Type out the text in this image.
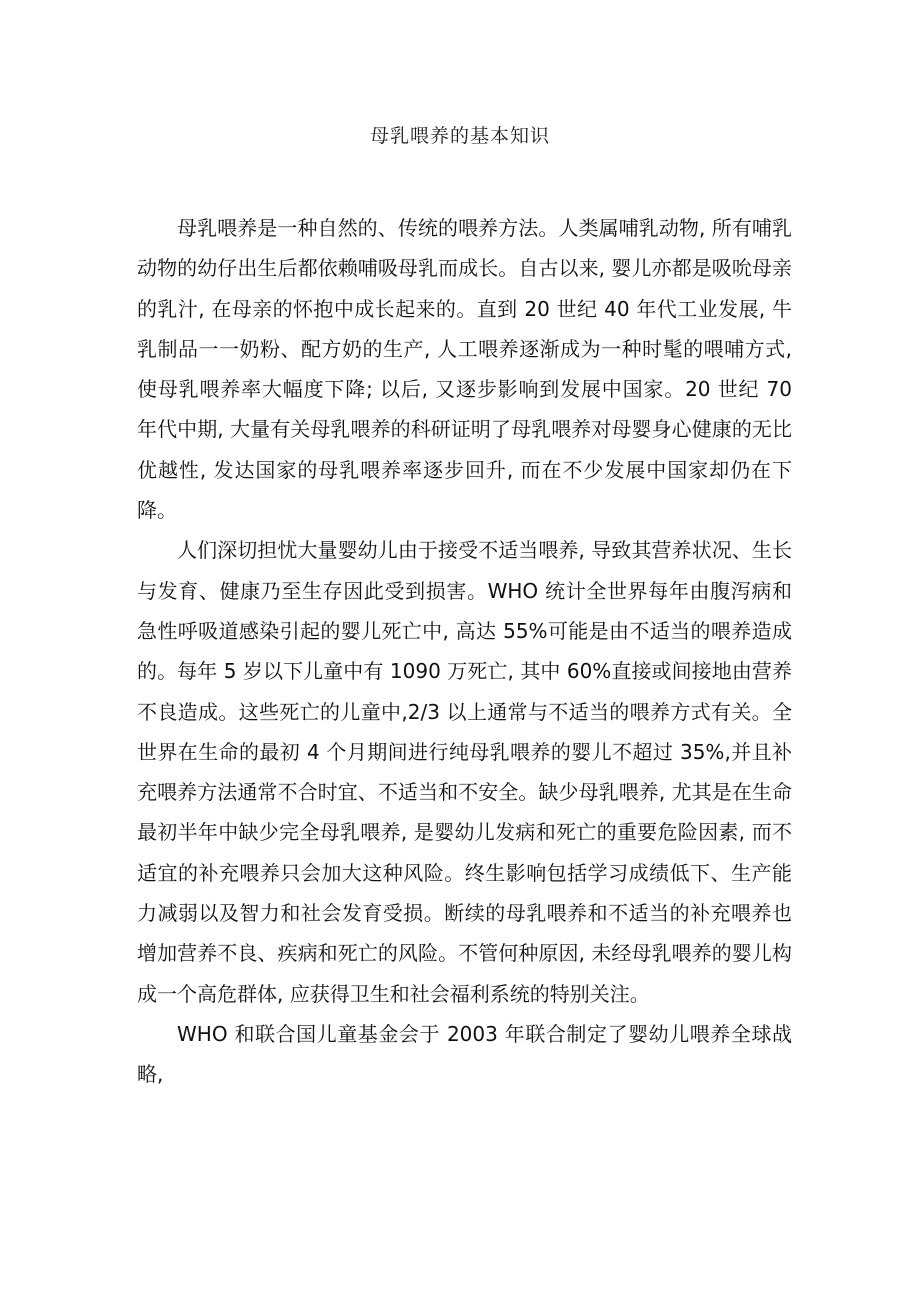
母乳喂养的基本知识

母乳喂养是一种自然的、传统的喂养方法。人类属哺乳动物, 所有哺乳动物的幼仔出生后都依赖哺吸母乳而成长。自古以来, 婴儿亦都是吸吮母亲的乳汁, 在母亲的怀抱中成长起来的。直到 20 世纪 40 年代工业发展, 牛乳制品一一奶粉、配方奶的生产, 人工喂养逐渐成为一种时髦的喂哺方式, 使母乳喂养率大幅度下降; 以后, 又逐步影响到发展中国家。20 世纪 70 年代中期, 大量有关母乳喂养的科研证明了母乳喂养对母婴身心健康的无比优越性, 发达国家的母乳喂养率逐步回升, 而在不少发展中国家却仍在下降。

人们深切担忧大量婴幼儿由于接受不适当喂养, 导致其营养状况、生长与发育、健康乃至生存因此受到损害。WHO 统计全世界每年由腹泻病和急性呼吸道感染引起的婴儿死亡中, 高达 55%可能是由不适当的喂养造成的。每年 5 岁以下儿童中有 1090 万死亡, 其中 60%直接或间接地由营养不良造成。这些死亡的儿童中,2/3 以上通常与不适当的喂养方式有关。全世界在生命的最初 4 个月期间进行纯母乳喂养的婴儿不超过 35%,并且补充喂养方法通常不合时宜、不适当和不安全。缺少母乳喂养, 尤其是在生命最初半年中缺少完全母乳喂养, 是婴幼儿发病和死亡的重要危险因素, 而不适宜的补充喂养只会加大这种风险。终生影响包括学习成绩低下、生产能力减弱以及智力和社会发育受损。断续的母乳喂养和不适当的补充喂养也增加营养不良、疾病和死亡的风险。不管何种原因, 未经母乳喂养的婴儿构成一个高危群体, 应获得卫生和社会福利系统的特别关注。

WHO 和联合国儿童基金会于 2003 年联合制定了婴幼儿喂养全球战略,
